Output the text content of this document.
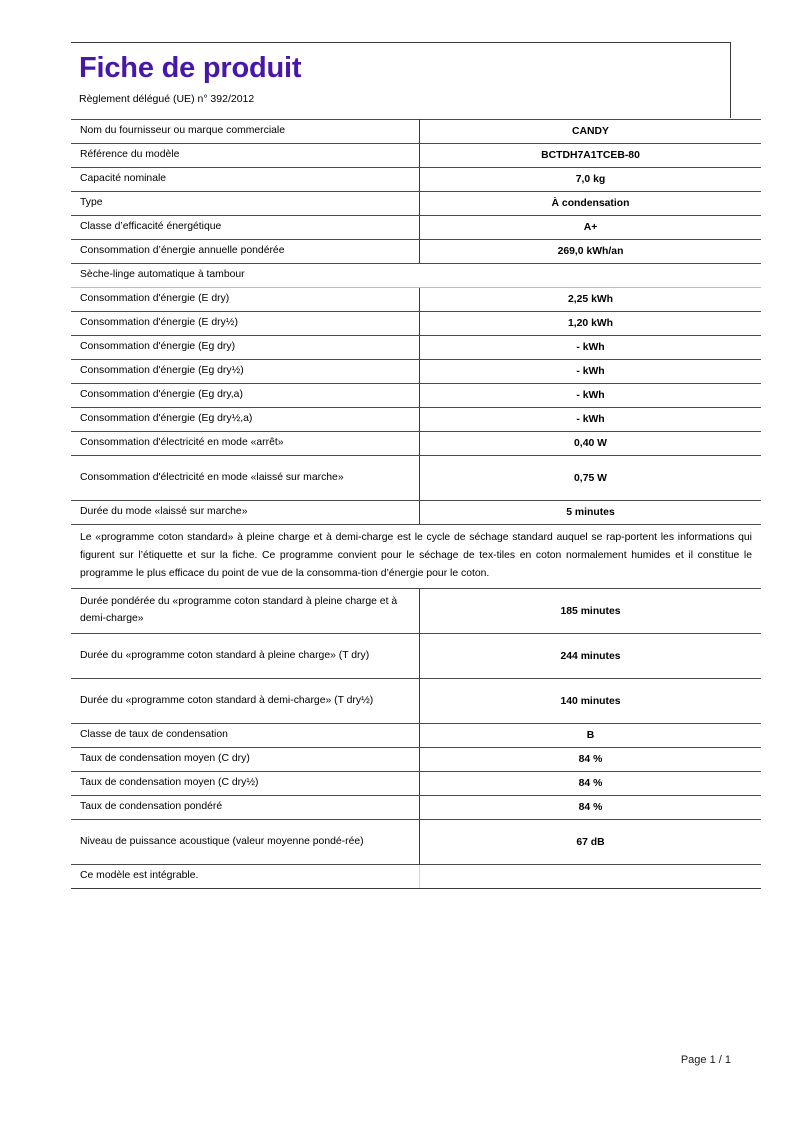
Fiche de produit
Règlement délégué (UE) n° 392/2012
Nom du fournisseur ou marque commerciale	CANDY
Référence du modèle	BCTDH7A1TCEB-80
Capacité nominale	7,0 kg
Type	À condensation
Classe d’efficacité énergétique	A+
Consommation d’énergie annuelle pondérée	269,0 kWh/an
Sèche-linge automatique à tambour	
Consommation d'énergie (E dry)	2,25 kWh
Consommation d'énergie (E dry½)	1,20 kWh
Consommation d'énergie (Eg dry)	- kWh
Consommation d'énergie (Eg dry½)	- kWh
Consommation d'énergie (Eg dry,a)	- kWh
Consommation d'énergie (Eg dry½,a)	- kWh
Consommation d'électricité en mode «arrêt»	0,40 W
Consommation d'électricité en mode «laissé sur marche»	0,75 W
Durée du mode «laissé sur marche»	5 minutes
Le «programme coton standard» à pleine charge et à demi-charge est le cycle de séchage standard auquel se rap-portent les informations qui figurent sur l’étiquette et sur la fiche. Ce programme convient pour le séchage de tex-tiles en coton normalement humides et il constitue le programme le plus efficace du point de vue de la consomma-tion d’énergie pour le coton.	
Durée pondérée du «programme coton standard à pleine charge et à demi-charge»	185 minutes
Durée du «programme coton standard à pleine charge» (T dry)	244 minutes
Durée du «programme coton standard à demi-charge» (T dry½)	140 minutes
Classe de taux de condensation	B
Taux de condensation moyen (C dry)	84 %
Taux de condensation moyen (C dry½)	84 %
Taux de condensation pondéré	84 %
Niveau de puissance acoustique (valeur moyenne pondé-rée)	67 dB
Ce modèle est intégrable.	
Page 1 / 1
